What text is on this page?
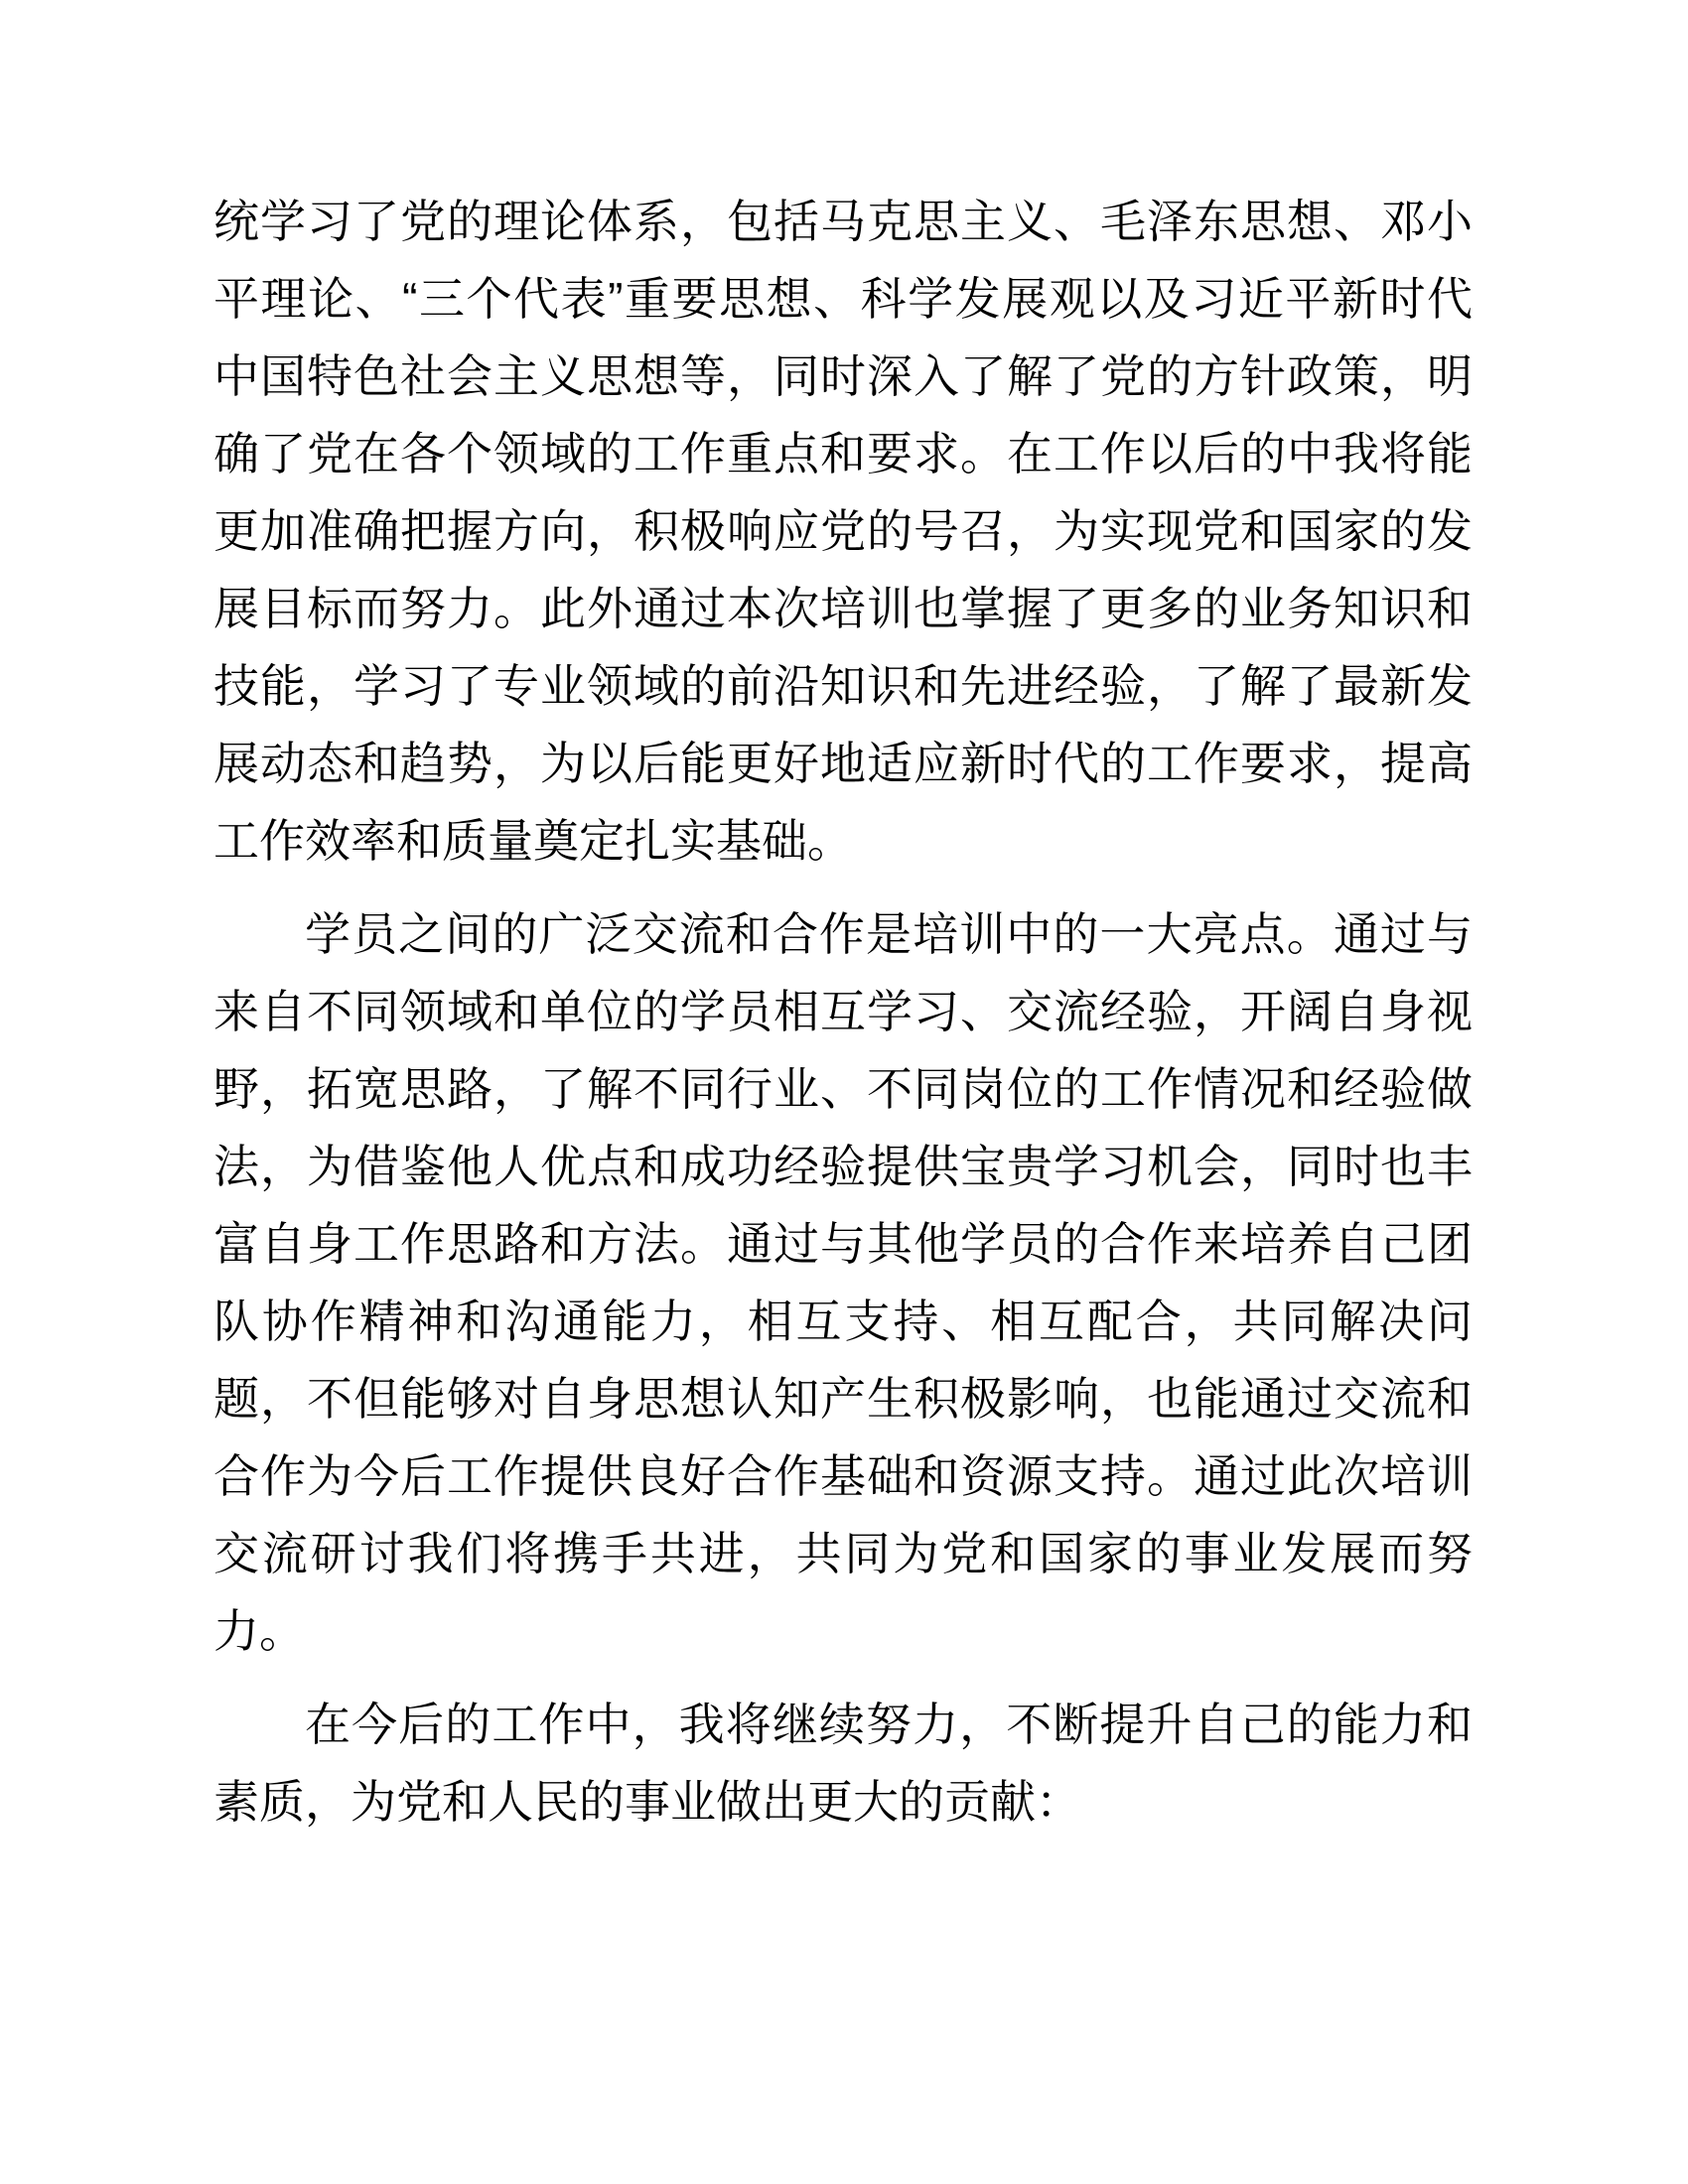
统学习了党的理论体系，包括马克思主义、毛泽东思想、邓小平理论、“三个代表”重要思想、科学发展观以及习近平新时代中国特色社会主义思想等，同时深入了解了党的方针政策，明确了党在各个领域的工作重点和要求。在工作以后的中我将能更加准确把握方向，积极响应党的号召，为实现党和国家的发展目标而努力。此外通过本次培训也掌握了更多的业务知识和技能，学习了专业领域的前沿知识和先进经验，了解了最新发展动态和趋势，为以后能更好地适应新时代的工作要求，提高工作效率和质量奠定扎实基础。

学员之间的广泛交流和合作是培训中的一大亮点。通过与来自不同领域和单位的学员相互学习、交流经验，开阔自身视野，拓宽思路，了解不同行业、不同岗位的工作情况和经验做法，为借鉴他人优点和成功经验提供宝贵学习机会，同时也丰富自身工作思路和方法。通过与其他学员的合作来培养自己团队协作精神和沟通能力，相互支持、相互配合，共同解决问题，不但能够对自身思想认知产生积极影响，也能通过交流和合作为今后工作提供良好合作基础和资源支持。通过此次培训交流研讨我们将携手共进，共同为党和国家的事业发展而努力。

在今后的工作中，我将继续努力，不断提升自己的能力和素质，为党和人民的事业做出更大的贡献：
